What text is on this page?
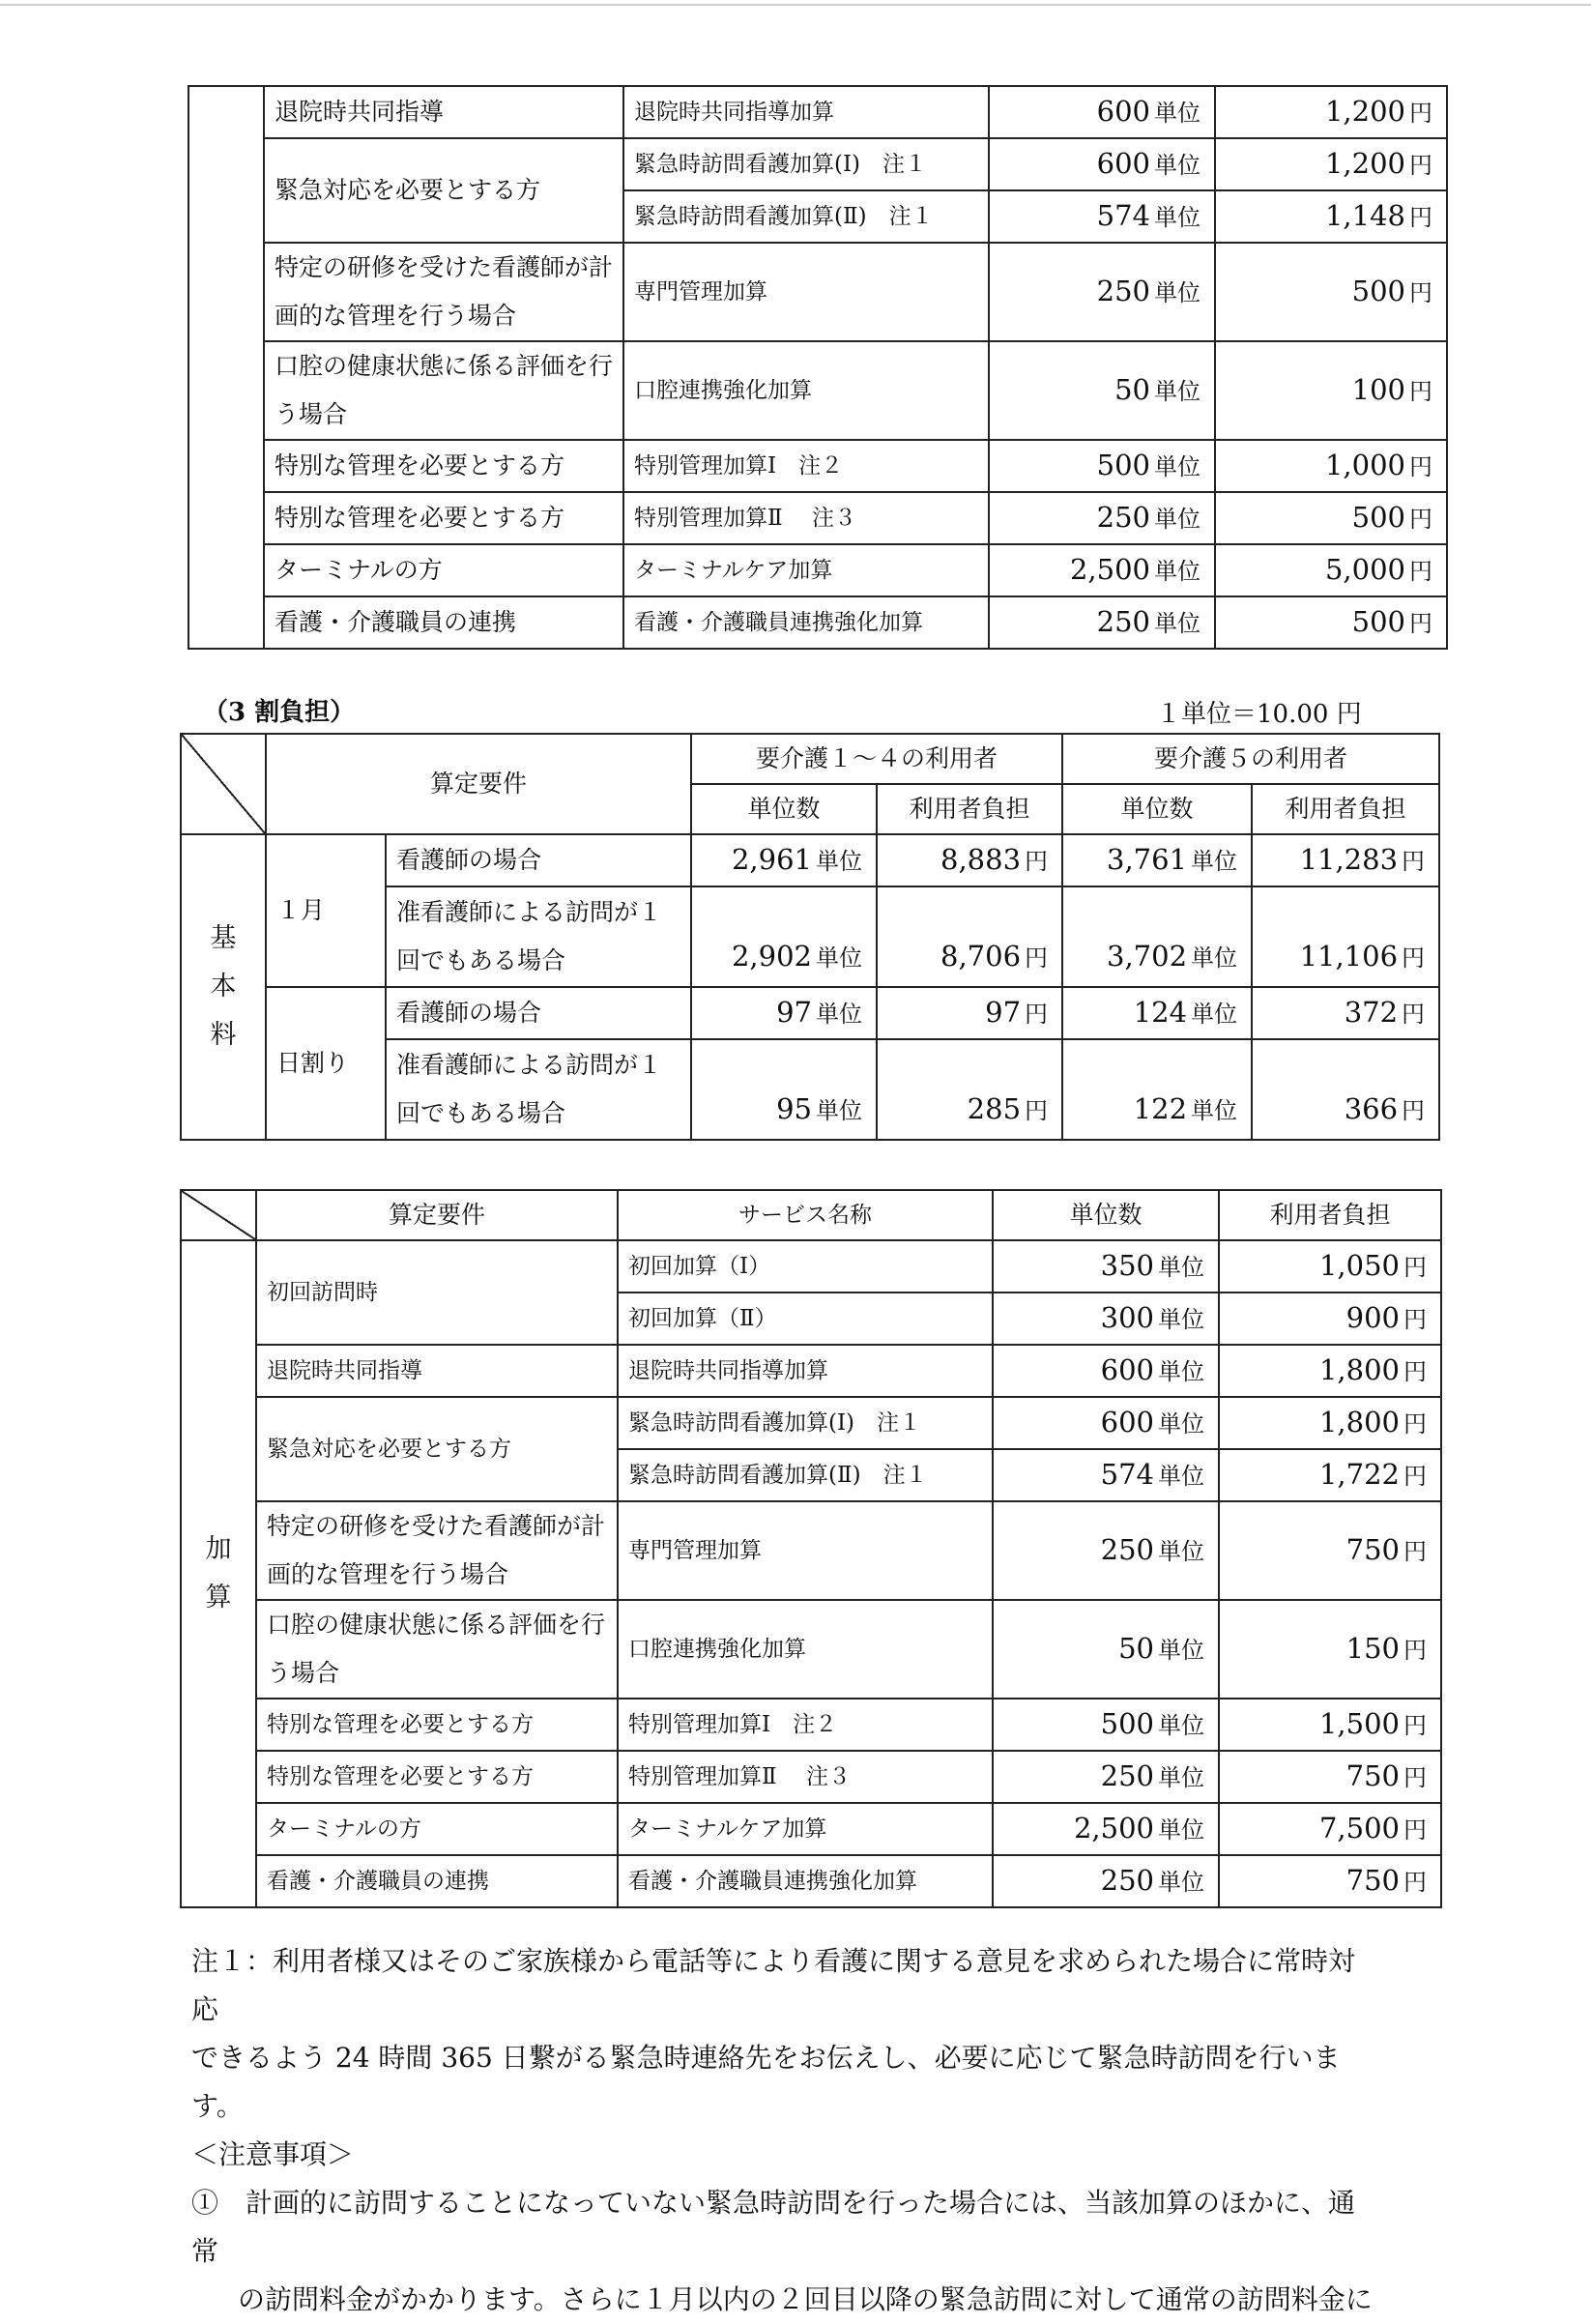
	退院時共同指導	退院時共同指導加算	600 単位	1,200 円
	緊急対応を必要とする方	緊急時訪問看護加算(Ⅰ)　注１	600 単位	1,200 円
		緊急時訪問看護加算(Ⅱ)　注１	574 単位	1,148 円
	特定の研修を受けた看護師が計画的な管理を行う場合	専門管理加算	250 単位	500 円
	口腔の健康状態に係る評価を行う場合	口腔連携強化加算	50 単位	100 円
	特別な管理を必要とする方	特別管理加算Ⅰ　注２	500 単位	1,000 円
	特別な管理を必要とする方	特別管理加算Ⅱ　 注３	250 単位	500 円
	ターミナルの方	ターミナルケア加算	2,500 単位	5,000 円
	看護・介護職員の連携	看護・介護職員連携強化加算	250 単位	500 円
（3 割負担）	１単位＝10.00 円
	算定要件		要介護１～４の利用者		要介護５の利用者	
			単位数	利用者負担	単位数	利用者負担

基
本
料	１月	看護師の場合	2,961 単位	8,883 円	3,761 単位	11,283 円
		准看護師による訪問が１回でもある場合	2,902 単位	8,706 円	3,702 単位	11,106 円
	日割り	看護師の場合	97 単位	97 円	124 単位	372 円
		准看護師による訪問が１回でもある場合	95 単位	285 円	122 単位	366 円
	算定要件	サービス名称	単位数	利用者負担

加
算	初回訪問時	初回加算（Ⅰ）	350 単位	1,050 円
		初回加算（Ⅱ）	300 単位	900 円
	退院時共同指導	退院時共同指導加算	600 単位	1,800 円
	緊急対応を必要とする方	緊急時訪問看護加算(Ⅰ)　注１	600 単位	1,800 円
		緊急時訪問看護加算(Ⅱ)　注１	574 単位	1,722 円
	特定の研修を受けた看護師が計画的な管理を行う場合	専門管理加算	250 単位	750 円
	口腔の健康状態に係る評価を行う場合	口腔連携強化加算	50 単位	150 円
	特別な管理を必要とする方	特別管理加算Ⅰ　注２	500 単位	1,500 円
	特別な管理を必要とする方	特別管理加算Ⅱ　 注３	250 単位	750 円
	ターミナルの方	ターミナルケア加算	2,500 単位	7,500 円
	看護・介護職員の連携	看護・介護職員連携強化加算	250 単位	750 円

注１：利用者様又はそのご家族様から電話等により看護に関する意見を求められた場合に常時対応

できるよう 24 時間 365 日繋がる緊急時連絡先をお伝えし、必要に応じて緊急時訪問を行います。

＜注意事項＞

①　計画的に訪問することになっていない緊急時訪問を行った場合には、当該加算のほかに、通常

の訪問料金がかかります。さらに１月以内の２回目以降の緊急訪問に対して通常の訪問料金に
